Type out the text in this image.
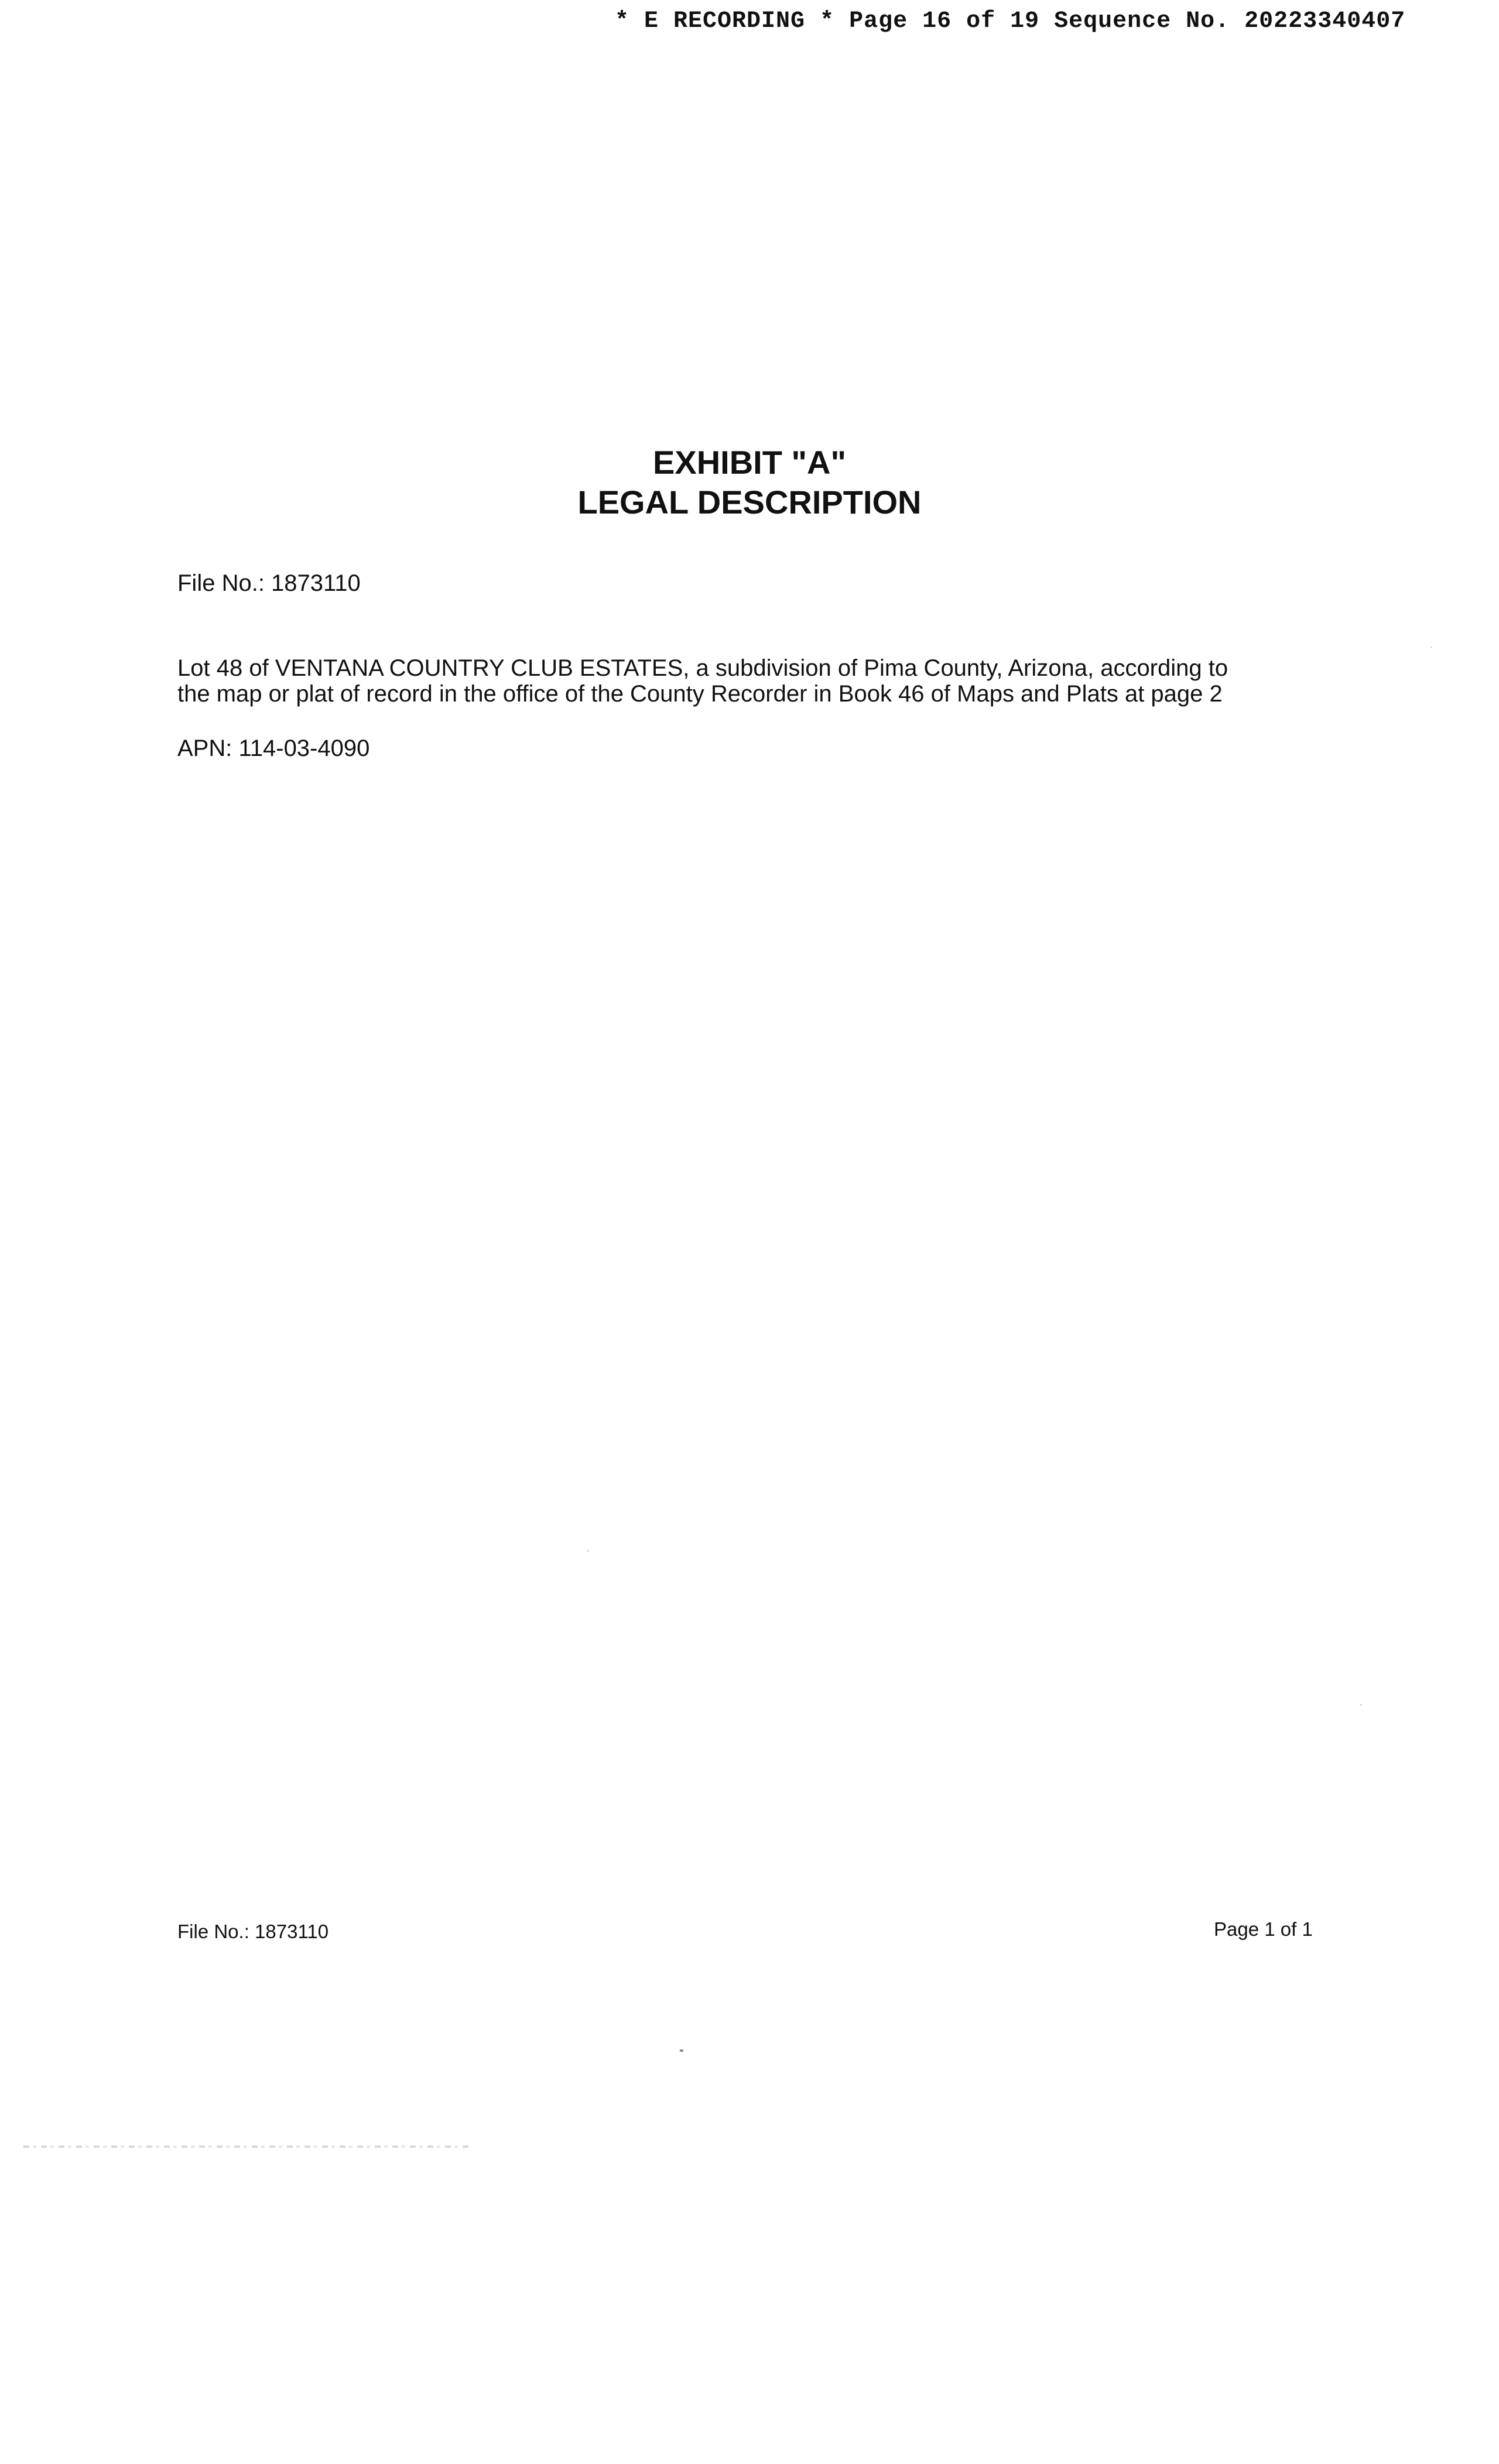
* E RECORDING * Page 16 of 19 Sequence No. 20223340407
EXHIBIT "A"
LEGAL DESCRIPTION
File No.: 1873110
Lot 48 of VENTANA COUNTRY CLUB ESTATES, a subdivision of Pima County, Arizona, according to
the map or plat of record in the office of the County Recorder in Book 46 of Maps and Plats at page 2
APN: 114-03-4090
File No.: 1873110	Page 1 of 1
